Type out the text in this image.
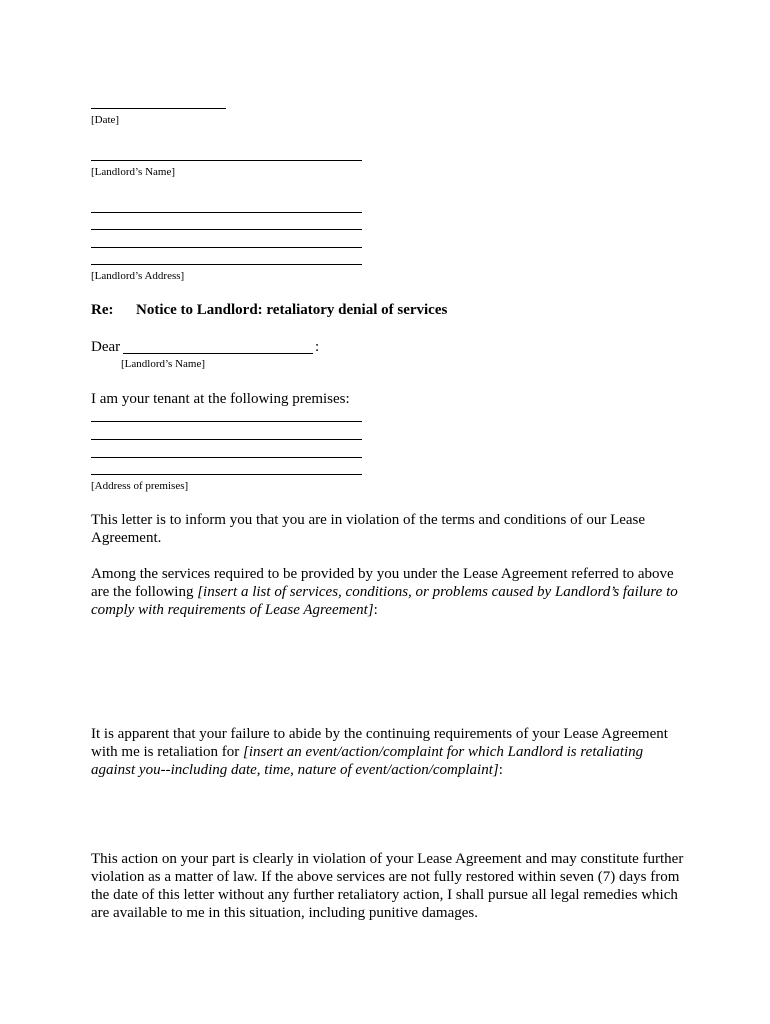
[Date]
[Landlord’s Name]
[Landlord’s Address]
Re: Notice to Landlord: retaliatory denial of services
Dear	:
[Landlord’s Name]
I am your tenant at the following premises:
[Address of premises]
This letter is to inform you that you are in violation of the terms and conditions of our Lease Agreement.
Among the services required to be provided by you under the Lease Agreement referred to above are the following [insert a list of services, conditions, or problems caused by Landlord’s failure to comply with requirements of Lease Agreement]:
It is apparent that your failure to abide by the continuing requirements of your Lease Agreement with me is retaliation for [insert an event/action/complaint for which Landlord is retaliating against you--including date, time, nature of event/action/complaint]:
This action on your part is clearly in violation of your Lease Agreement and may constitute further violation as a matter of law. If the above services are not fully restored within seven (7) days from the date of this letter without any further retaliatory action, I shall pursue all legal remedies which are available to me in this situation, including punitive damages.
